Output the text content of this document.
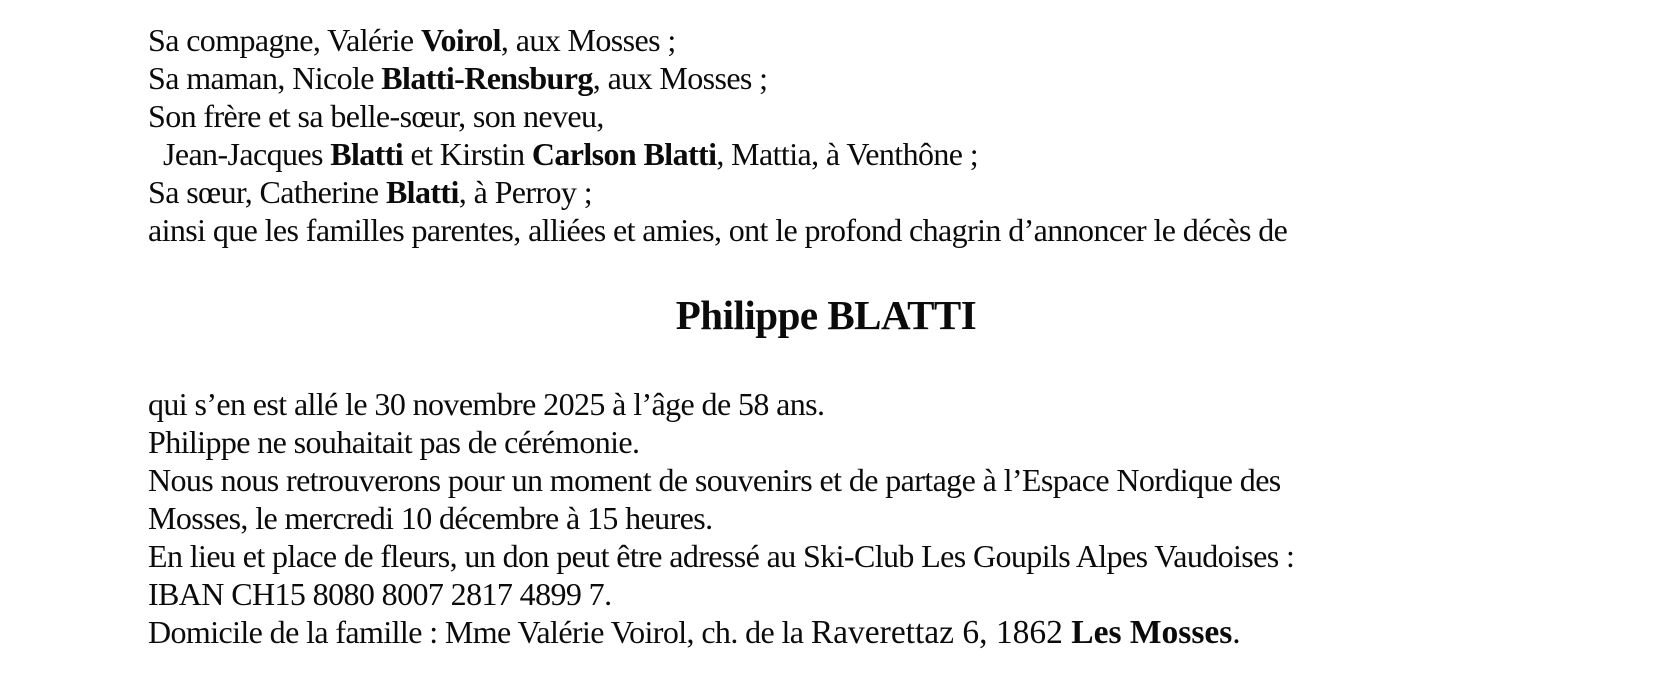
Sa compagne, Valérie Voirol, aux Mosses ;
Sa maman, Nicole Blatti-Rensburg, aux Mosses ;
Son frère et sa belle-sœur, son neveu,
Jean-Jacques Blatti et Kirstin Carlson Blatti, Mattia, à Venthône ;
Sa sœur, Catherine Blatti, à Perroy ;
ainsi que les familles parentes, alliées et amies, ont le profond chagrin d’annoncer le décès de
Philippe BLATTI
qui s’en est allé le 30 novembre 2025 à l’âge de 58 ans.
Philippe ne souhaitait pas de cérémonie.
Nous nous retrouverons pour un moment de souvenirs et de partage à l’Espace Nordique des
Mosses, le mercredi 10 décembre à 15 heures.
En lieu et place de fleurs, un don peut être adressé au Ski-Club Les Goupils Alpes Vaudoises :
IBAN CH15 8080 8007 2817 4899 7.
Domicile de la famille : Mme Valérie Voirol, ch. de la Raverettaz 6, 1862 Les Mosses.
